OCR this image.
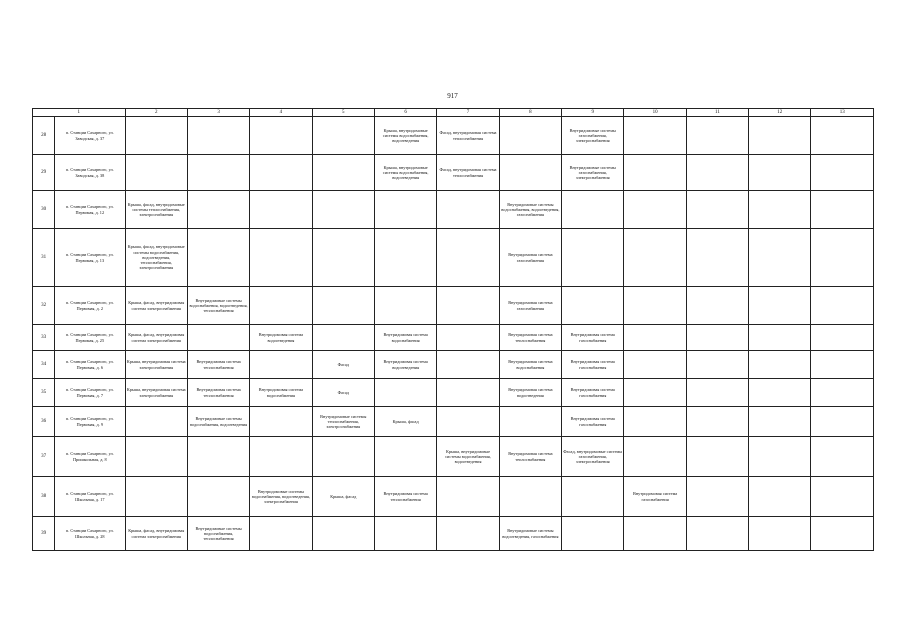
917
1		2	3	4	5	6	7	8	9	10	11	12	13
28	п. Станции Сахарного, ул. Заводская, д. 37					Крыша, внутридомовые системы водоснабжения, водоотведения	Фасад, внутридомовая система теплоснабжения		Внутридомовые системы газоснабжения, электроснабжения				
29	п. Станции Сахарного, ул. Заводская, д. 38					Крыша, внутридомовые системы водоснабжения, водоотведения	Фасад, внутридомовая система теплоснабжения		Внутридомовые системы газоснабжения, электроснабжения				
30	п. Станции Сахарного, ул. Первомая, д. 12	Крыша, фасад, внутридомовые системы теплоснабжения, электроснабжения						Внутридомовые системы водоснабжения, водоотведения, газоснабжения					
31	п. Станции Сахарного, ул. Первомая, д. 13	Крыша, фасад, внутридомовые системы водоснабжения, водоотведения, теплоснабжения, электроснабжения						Внутридомовая система газоснабжения					
32	п. Станции Сахарного, ул. Первомая, д. 2	Крыша, фасад, внутридомовая система электроснабжения	Внутридомовые системы водоснабжения, водоотведения, теплоснабжения					Внутридомовая система газоснабжения					
33	п. Станции Сахарного, ул. Первомая, д. 25	Крыша, фасад, внутридомовая система электроснабжения		Внутридомовая система водоотведения		Внутридомовая система водоснабжения		Внутридомовая система теплоснабжения	Внутридомовая система газоснабжения				
34	п. Станции Сахарного, ул. Первомая, д. 6	Крыша, внутридомовая система электроснабжения	Внутридомовая система теплоснабжения		Фасад	Внутридомовая система водоотведения		Внутридомовая система водоснабжения	Внутридомовая система газоснабжения				
35	п. Станции Сахарного, ул. Первомая, д. 7	Крыша, внутридомовая система электроснабжения	Внутридомовая система теплоснабжения	Внутридомовая система водоснабжения	Фасад			Внутридомовая система водоотведения	Внутридомовая система газоснабжения				
36	п. Станции Сахарного, ул. Первомая, д. 9		Внутридомовые системы водоснабжения, водоотведения		Внутридомовые системы теплоснабжения, электроснабжения	Крыша, фасад			Внутридомовая система газоснабжения				
37	п. Станции Сахарного, ул. Пришкольная, д. 8						Крыша, внутридомовые системы водоснабжения, водоотведения	Внутридомовая система теплоснабжения	Фасад, внутридомовые системы газоснабжения, электроснабжения				
38	п. Станции Сахарного, ул. Школьная, д. 17			Внутридомовые системы водоснабжения, водоотведения, электроснабжения	Крыша, фасад	Внутридомовая система теплоснабжения				Внутридомовая система газоснабжения			
39	п. Станции Сахарного, ул. Школьная, д. 28	Крыша, фасад, внутридомовая система электроснабжения	Внутридомовые системы водоснабжения, теплоснабжения					Внутридомовые системы водоотведения, газоснабжения					
